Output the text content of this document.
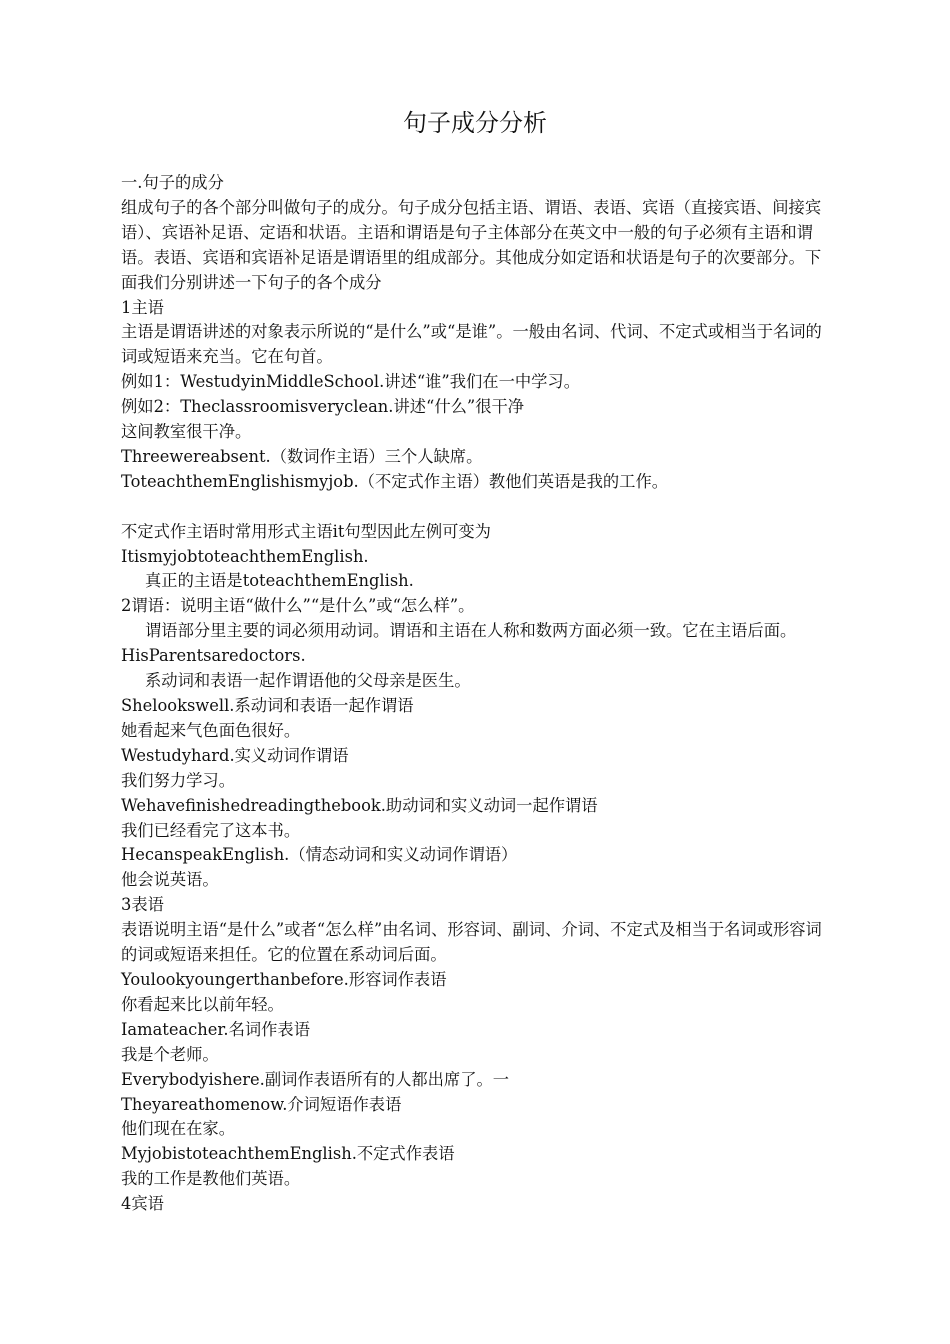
句子成分分析

一.句子的成分

组成句子的各个部分叫做句子的成分。句子成分包括主语、谓语、表语、宾语（直接宾语、间接宾语）、宾语补足语、定语和状语。主语和谓语是句子主体部分在英文中一般的句子必须有主语和谓语。表语、宾语和宾语补足语是谓语里的组成部分。其他成分如定语和状语是句子的次要部分。下面我们分别讲述一下句子的各个成分

1主语

主语是谓语讲述的对象表示所说的“是什么”或“是谁”。一般由名词、代词、不定式或相当于名词的词或短语来充当。它在句首。

例如1：WestudyinMiddleSchool.讲述“谁”我们在一中学习。

例如2：Theclassroomisveryclean.讲述“什么”很干净

这间教室很干净。

Threewereabsent.（数词作主语）三个人缺席。

ToteachthemEnglishismyjob.（不定式作主语）教他们英语是我的工作。

不定式作主语时常用形式主语it句型因此左例可变为

ItismyjobtoteachthemEnglish.

真正的主语是toteachthemEnglish.

2谓语：说明主语“做什么”“是什么”或“怎么样”。

谓语部分里主要的词必须用动词。谓语和主语在人称和数两方面必须一致。它在主语后面。

HisParentsaredoctors.

系动词和表语一起作谓语他的父母亲是医生。

Shelookswell.系动词和表语一起作谓语

她看起来气色面色很好。

Westudyhard.实义动词作谓语

我们努力学习。

Wehavefinishedreadingthebook.助动词和实义动词一起作谓语

我们已经看完了这本书。

HecanspeakEnglish.（情态动词和实义动词作谓语）

他会说英语。

3表语

表语说明主语“是什么”或者“怎么样”由名词、形容词、副词、介词、不定式及相当于名词或形容词的词或短语来担任。它的位置在系动词后面。

Youlookyoungerthanbefore.形容词作表语

你看起来比以前年轻。

Iamateacher.名词作表语

我是个老师。

Everybodyishere.副词作表语所有的人都出席了。一

Theyareathomenow.介词短语作表语

他们现在在家。

MyjobistoteachthemEnglish.不定式作表语

我的工作是教他们英语。

4宾语
